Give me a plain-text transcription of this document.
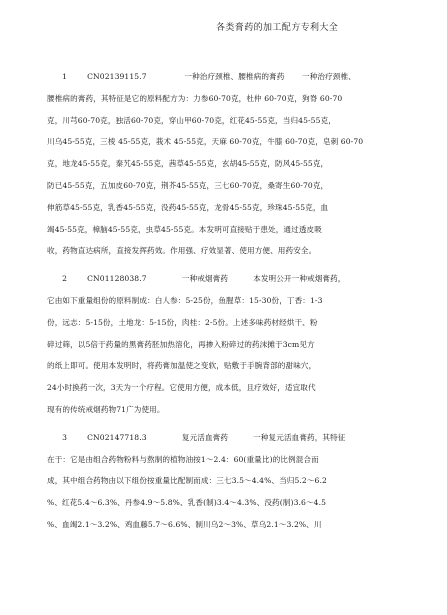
各类膏药的加工配方专利大全
1        CN02139115.7               一种治疗颈椎、腰椎病的膏药       一种治疗颈椎、
腰椎病的膏药，其特征是它的原料配方为：力参60-70克，杜仲 60-70克，狗脊 60-70
克，川芎60-70克，独活60-70克，穿山甲60-70克，红花45-55克，当归45-55克，
川乌45-55克，三棱 45-55克，莪术 45-55克，天麻 60-70克，牛膝 60-70克，皂刺 60-70
克，地龙45-55克，秦艽45-55克，茜草45-55克，玄胡45-55克，防风45-55克，
防已45-55克，五加皮60-70克，荆芥45-55克，三七60-70克，桑寄生60-70克，
伸筋草45-55克，乳香45-55克，没药45-55克，龙骨45-55克，珍珠45-55克，血
竭45-55克，樟脑45-55克，虫草45-55克。本发明可直接贴于患处，通过透皮吸
收，药物直达病所，直接发挥药效。作用强、疗效显著、使用方便、用药安全。
2        CN01128038.7              一种戒烟膏药          本发明公开一种戒烟膏药，
它由如下重量组份的原料制成：白人参：5-25份，鱼腥草：15-30份，丁香：1-3
份，远志：5-15份，土地龙：5-15份，肉桂：2-5份。上述多味药材经烘干、粉
碎过筛，以5倍于药量的黑膏药胚加热溶化，再掺入粉碎过的药沫摊于3cm见方
的纸上即可。使用本发明时，将药膏加温使之变软，贴敷于手腕背部的甜味穴，
24小时换药一次，3天为一个疗程。它使用方便，成本低，且疗效好，适宜取代
现有的传统戒烟药物71广为使用。
3        CN02147718.3              复元活血膏药          一种复元活血膏药，其特征
在于：它是由组合药物粉料与熬制的植物油按1～2.4：60(重量比)的比例混合而
成，其中组合药物由以下组份按重量比配制而成：三七3.5～4.4%、当归5.2～6.2
%、红花5.4～6.3%、丹参4.9～5.8%、乳香(制)3.4～4.3%、没药(制)3.6～4.5
%、血竭2.1～3.2%、鸡血藤5.7～6.6%、制川乌2～3%、草乌2.1～3.2%、川
